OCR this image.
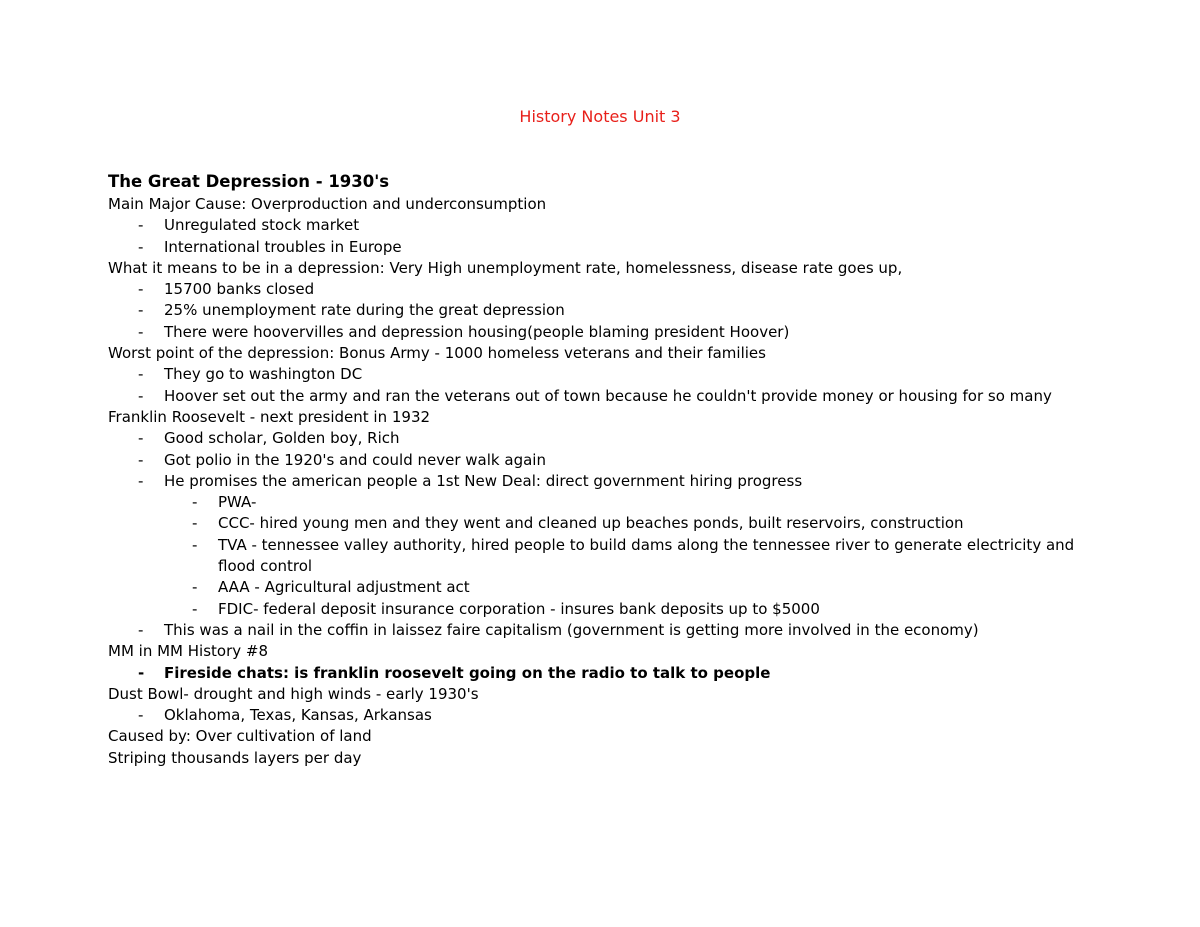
History Notes Unit 3

The Great Depression - 1930's

Main Major Cause: Overproduction and underconsumption

- Unregulated stock market
- International troubles in Europe

What it means to be in a depression: Very High unemployment rate, homelessness, disease rate goes up,

- 15700 banks closed
- 25% unemployment rate during the great depression
- There were hoovervilles and depression housing(people blaming president Hoover)

Worst point of the depression: Bonus Army - 1000 homeless veterans and their families

- They go to washington DC
- Hoover set out the army and ran the veterans out of town because he couldn't provide money or housing for so many

Franklin Roosevelt - next president in 1932

- Good scholar, Golden boy, Rich
- Got polio in the 1920's and could never walk again
- He promises the american people a 1st New Deal: direct government hiring progress
- PWA-
- CCC- hired young men and they went and cleaned up beaches ponds, built reservoirs, construction
- TVA - tennessee valley authority, hired people to build dams along the tennessee river to generate electricity and flood control
- AAA - Agricultural adjustment act
- FDIC- federal deposit insurance corporation - insures bank deposits up to $5000
- This was a nail in the coffin in laissez faire capitalism (government is getting more involved in the economy)

MM in MM History #8

- Fireside chats: is franklin roosevelt going on the radio to talk to people

Dust Bowl- drought and high winds - early 1930's

- Oklahoma, Texas, Kansas, Arkansas

Caused by: Over cultivation of land

Striping thousands layers per day
